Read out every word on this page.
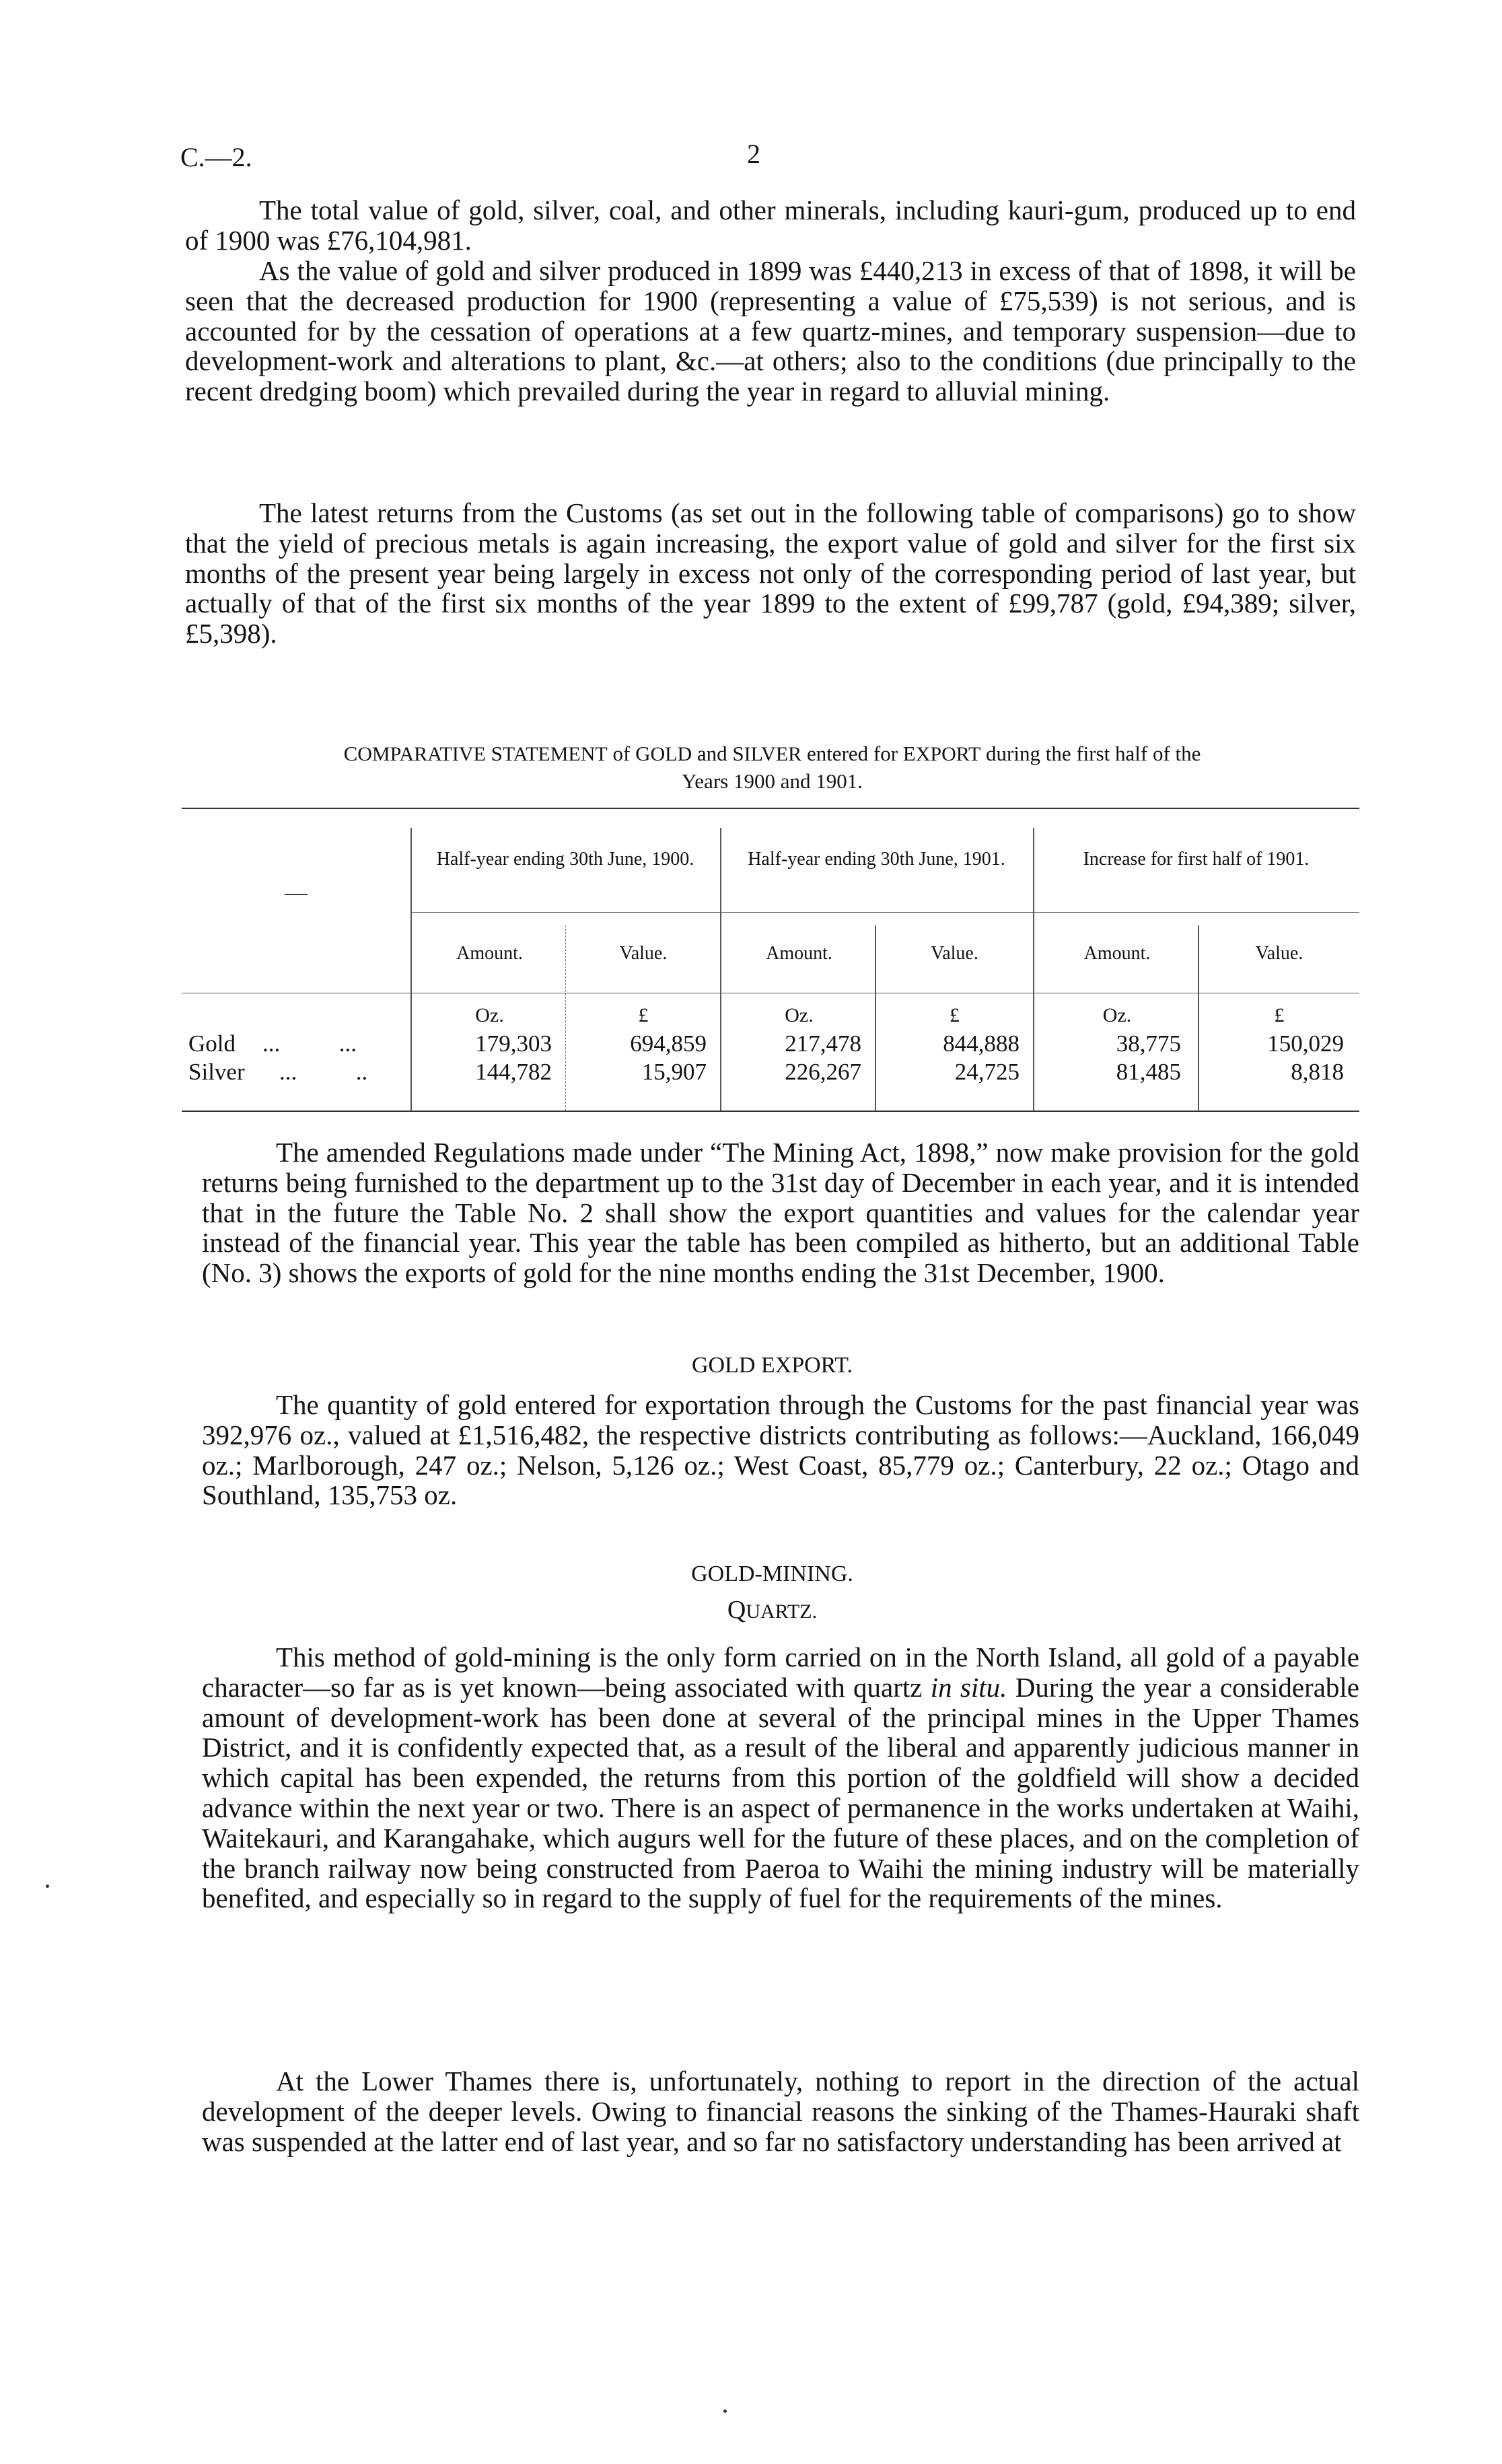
C.—2.	2

The total value of gold, silver, coal, and other minerals, including kauri-gum, produced up to end of 1900 was £76,104,981.

As the value of gold and silver produced in 1899 was £440,213 in excess of that of 1898, it will be seen that the decreased production for 1900 (representing a value of £75,539) is not serious, and is accounted for by the cessation of operations at a few quartz-mines, and temporary suspension—due to development-work and alterations to plant, &c.—at others; also to the conditions (due principally to the recent dredging boom) which prevailed during the year in regard to alluvial mining.

The latest returns from the Customs (as set out in the following table of comparisons) go to show that the yield of precious metals is again increasing, the export value of gold and silver for the first six months of the present year being largely in excess not only of the corresponding period of last year, but actually of that of the first six months of the year 1899 to the extent of £99,787 (gold, £94,389; silver, £5,398).

COMPARATIVE STATEMENT of GOLD and SILVER entered for EXPORT during the first half of the
Years 1900 and 1901.
—
Half-year ending 30th June, 1900.	Half-year ending 30th June, 1901.	Increase for first half of 1901.
Amount.	Value.	Amount.	Value.	Amount.	Value.
Oz.	£	Oz.	£	Oz.	£
Gold ...          ...	179,303	694,859	217,478	844,888	38,775	150,029
Silver ...          ..	144,782	15,907	226,267	24,725	81,485	8,818

The amended Regulations made under “The Mining Act, 1898,” now make provision for the gold returns being furnished to the department up to the 31st day of December in each year, and it is intended that in the future the Table No. 2 shall show the export quantities and values for the calendar year instead of the financial year. This year the table has been compiled as hitherto, but an additional Table (No. 3) shows the exports of gold for the nine months ending the 31st December, 1900.

GOLD EXPORT.

The quantity of gold entered for exportation through the Customs for the past financial year was 392,976 oz., valued at £1,516,482, the respective districts contributing as follows:—Auckland, 166,049 oz.; Marlborough, 247 oz.; Nelson, 5,126 oz.; West Coast, 85,779 oz.; Canterbury, 22 oz.; Otago and Southland, 135,753 oz.

GOLD-MINING.
QUARTZ.

This method of gold-mining is the only form carried on in the North Island, all gold of a payable character—so far as is yet known—being associated with quartz in situ. During the year a considerable amount of development-work has been done at several of the principal mines in the Upper Thames District, and it is confidently expected that, as a result of the liberal and apparently judicious manner in which capital has been expended, the returns from this portion of the goldfield will show a decided advance within the next year or two. There is an aspect of permanence in the works undertaken at Waihi, Waitekauri, and Karangahake, which augurs well for the future of these places, and on the completion of the branch railway now being constructed from Paeroa to Waihi the mining industry will be materially benefited, and especially so in regard to the supply of fuel for the requirements of the mines.

At the Lower Thames there is, unfortunately, nothing to report in the direction of the actual development of the deeper levels. Owing to financial reasons the sinking of the Thames-Hauraki shaft was suspended at the latter end of last year, and so far no satisfactory understanding has been arrived at
